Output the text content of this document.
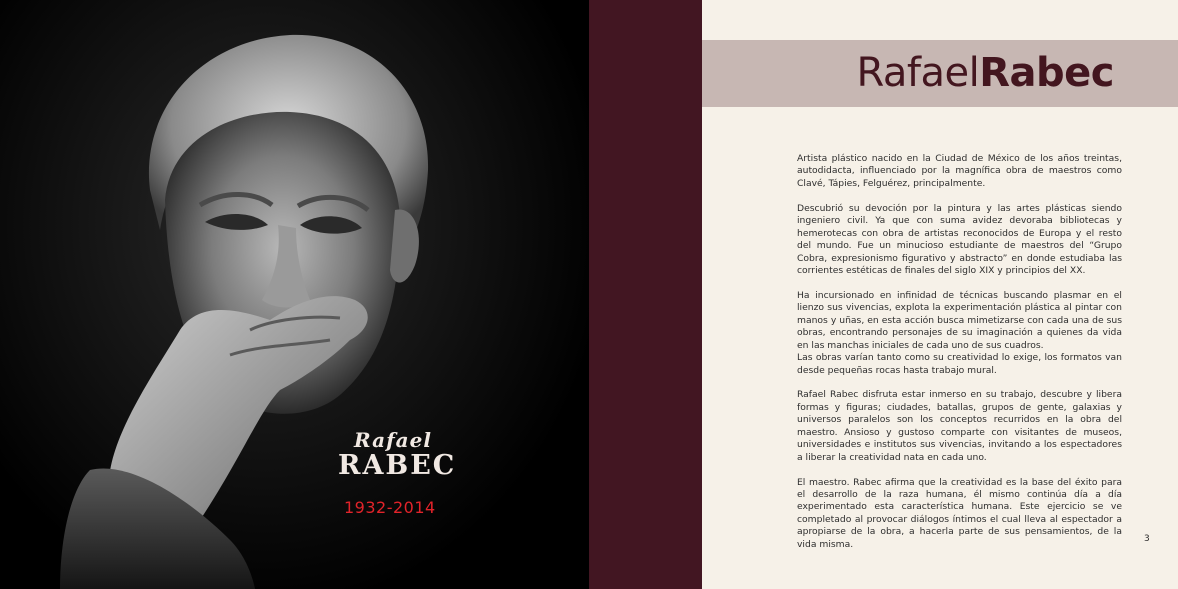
Rafael
RABEC
1932-2014
RafaelRabec

Artista plástico nacido en la Ciudad de México de los años treintas, autodidacta, influenciado por la magnífica obra de maestros como Clavé, Tápies, Felguérez, principalmente.

Descubrió su devoción por la pintura y las artes plásticas siendo ingeniero civil. Ya que con suma avidez devoraba bibliotecas y hemerotecas con obra de artistas reconocidos de Europa y el resto del mundo. Fue un minucioso estudiante de maestros del “Grupo Cobra, expresionismo figurativo y abstracto” en donde estudiaba las corrientes estéticas de finales del siglo XIX y principios del XX.

Ha incursionado en infinidad de técnicas buscando plasmar en el lienzo sus vivencias, explota la experimentación plástica al pintar con manos y uñas, en esta acción busca mimetizarse con cada una de sus obras, encontrando personajes de su imaginación a quienes da vida en las manchas iniciales de cada uno de sus cuadros.

Las obras varían tanto como su creatividad lo exige, los formatos van desde pequeñas rocas hasta trabajo mural.

Rafael Rabec disfruta estar inmerso en su trabajo, descubre y libera formas y figuras; ciudades, batallas, grupos de gente, galaxias y universos paralelos son los conceptos recurridos en la obra del maestro. Ansioso y gustoso comparte con visitantes de museos, universidades e institutos sus vivencias, invitando a los espectadores a liberar la creatividad nata en cada uno.

El maestro. Rabec afirma que la creatividad es la base del éxito para el desarrollo de la raza humana, él mismo continúa día a día experimentado esta característica humana. Este ejercicio se ve completado al provocar diálogos íntimos el cual lleva al espectador a apropiarse de la obra, a hacerla parte de sus pensamientos, de la vida misma.	3
